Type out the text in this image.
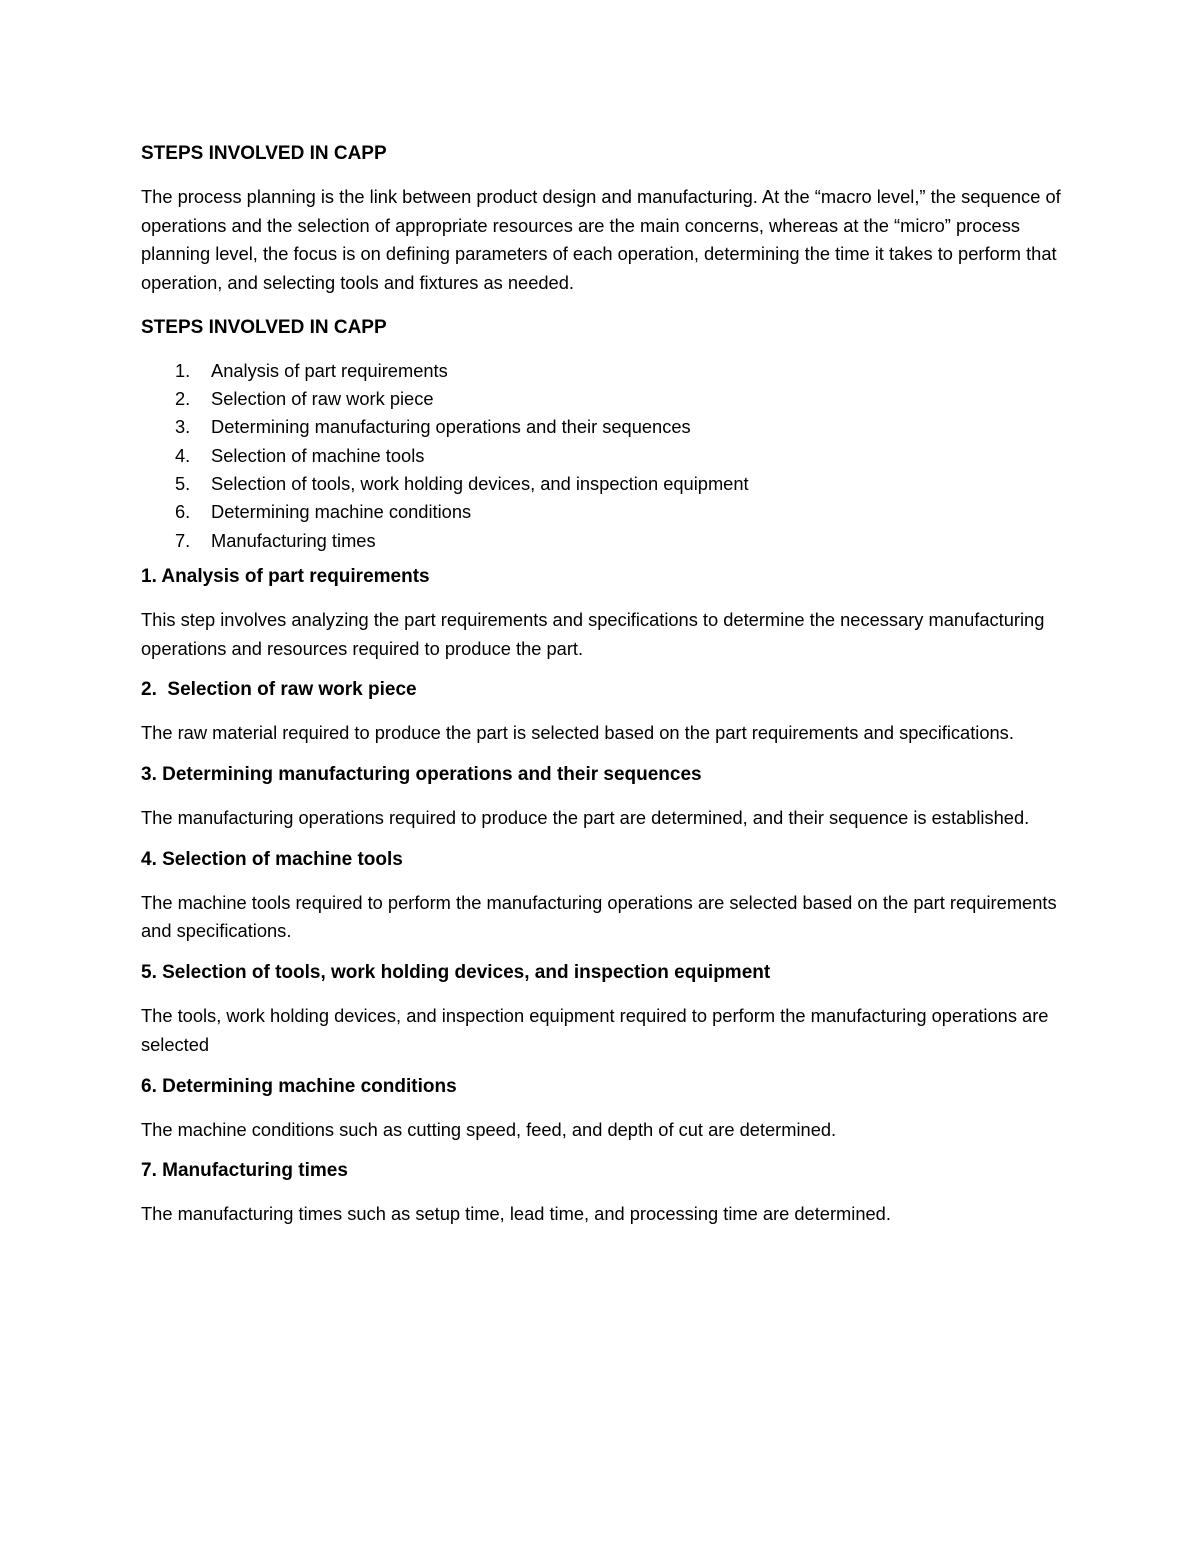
STEPS INVOLVED IN CAPP

The process planning is the link between product design and manufacturing. At the “macro level,” the sequence of operations and the selection of appropriate resources are the main concerns, whereas at the “micro” process planning level, the focus is on defining parameters of each operation, determining the time it takes to perform that operation, and selecting tools and fixtures as needed.

STEPS INVOLVED IN CAPP
1.	Analysis of part requirements
2.	Selection of raw work piece
3.	Determining manufacturing operations and their sequences
4.	Selection of machine tools
5.	Selection of tools, work holding devices, and inspection equipment
6.	Determining machine conditions
7.	Manufacturing times
1. Analysis of part requirements

This step involves analyzing the part requirements and specifications to determine the necessary manufacturing operations and resources required to produce the part.

2.  Selection of raw work piece

The raw material required to produce the part is selected based on the part requirements and specifications.

3. Determining manufacturing operations and their sequences

The manufacturing operations required to produce the part are determined, and their sequence is established.

4. Selection of machine tools

The machine tools required to perform the manufacturing operations are selected based on the part requirements and specifications.

5. Selection of tools, work holding devices, and inspection equipment

The tools, work holding devices, and inspection equipment required to perform the manufacturing operations are selected

6. Determining machine conditions

The machine conditions such as cutting speed, feed, and depth of cut are determined.

7. Manufacturing times

The manufacturing times such as setup time, lead time, and processing time are determined.
